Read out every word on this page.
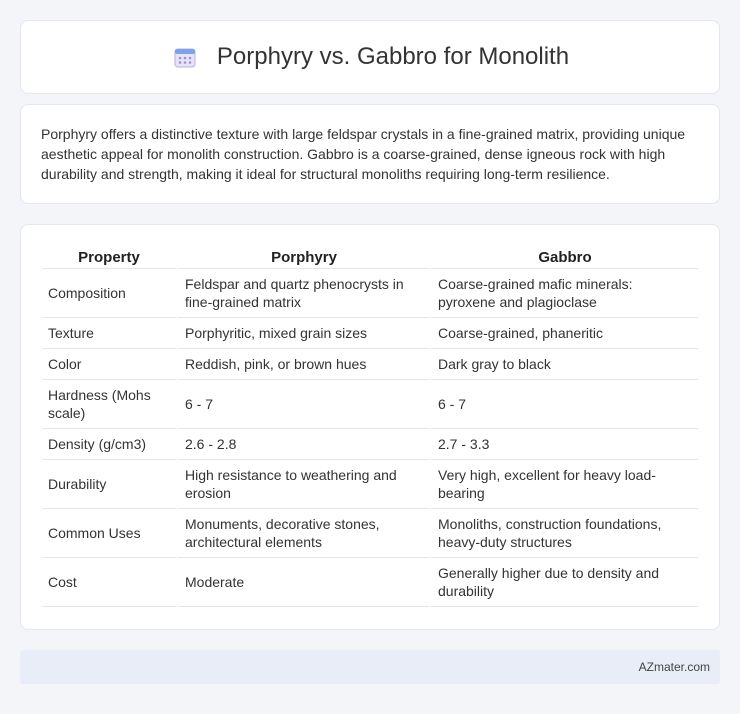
Porphyry vs. Gabbro for Monolith

Porphyry offers a distinctive texture with large feldspar crystals in a fine-grained matrix, providing unique aesthetic appeal for monolith construction. Gabbro is a coarse-grained, dense igneous rock with high durability and strength, making it ideal for structural monoliths requiring long-term resilience.

Property	Porphyry	Gabbro
Composition	Feldspar and quartz phenocrysts in fine-grained matrix	Coarse-grained mafic minerals: pyroxene and plagioclase
Texture	Porphyritic, mixed grain sizes	Coarse-grained, phaneritic
Color	Reddish, pink, or brown hues	Dark gray to black
Hardness (Mohs scale)	6 - 7	6 - 7
Density (g/cm3)	2.6 - 2.8	2.7 - 3.3
Durability	High resistance to weathering and erosion	Very high, excellent for heavy load-bearing
Common Uses	Monuments, decorative stones, architectural elements	Monoliths, construction foundations, heavy-duty structures
Cost	Moderate	Generally higher due to density and durability
AZmater.com
